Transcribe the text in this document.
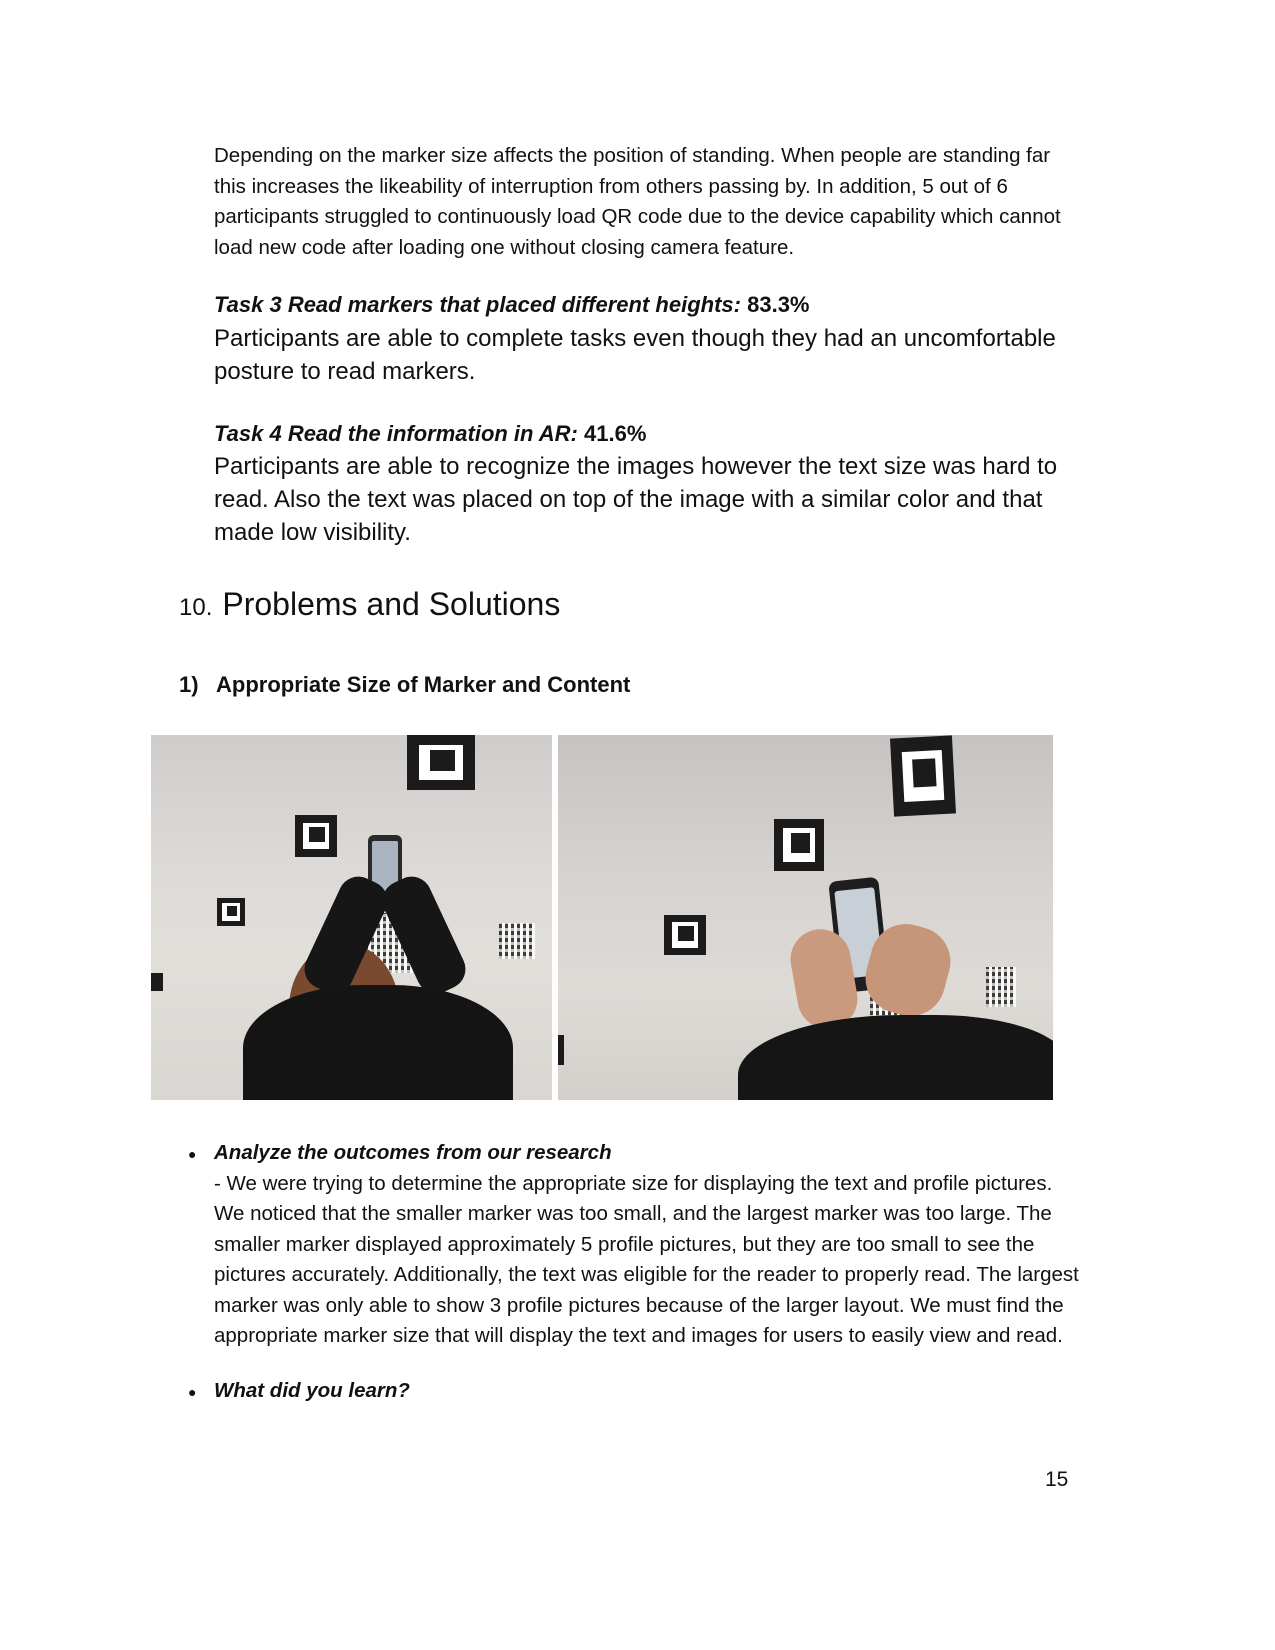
Depending on the marker size affects the position of standing. When people are standing far this increases the likeability of interruption from others passing by. In addition, 5 out of 6 participants struggled to continuously load QR code due to the device capability which cannot load new code after loading one without closing camera feature.
Task 3 Read markers that placed different heights: 83.3%
Participants are able to complete tasks even though they had an uncomfortable posture to read markers.
Task 4 Read the information in AR: 41.6%
Participants are able to recognize the images however the text size was hard to read. Also the text was placed on top of the image with a similar color and that made low visibility.
10. Problems and Solutions
1) Appropriate Size of Marker and Content
● Analyze the outcomes from our research
- We were trying to determine the appropriate size for displaying the text and profile pictures. We noticed that the smaller marker was too small, and the largest marker was too large. The smaller marker displayed approximately 5 profile pictures, but they are too small to see the pictures accurately. Additionally, the text was eligible for the reader to properly read. The largest marker was only able to show 3 profile pictures because of the larger layout. We must find the appropriate marker size that will display the text and images for users to easily view and read.
● What did you learn?
15
